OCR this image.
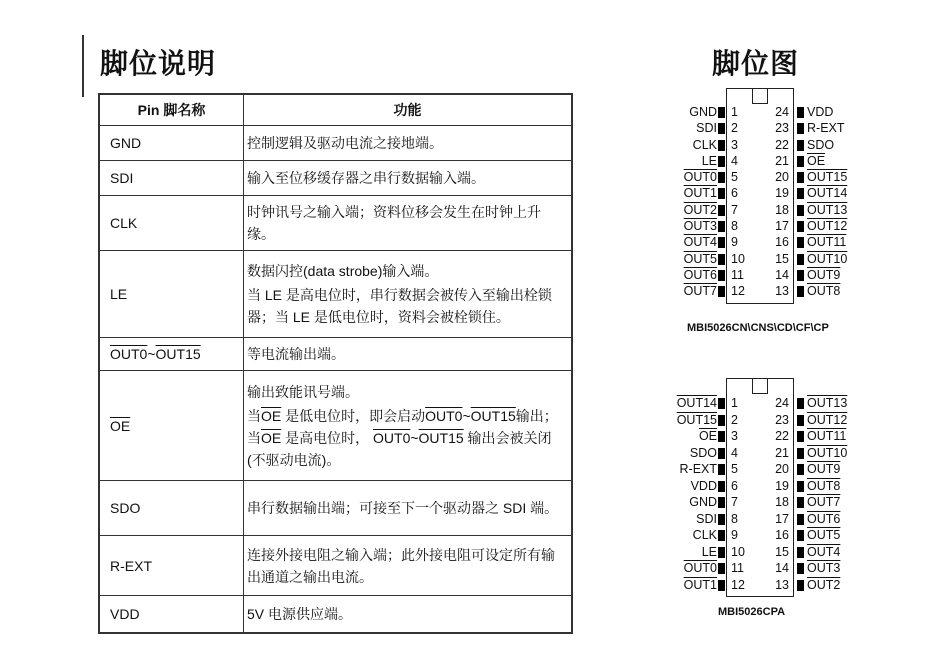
脚位说明	脚位图
Pin 脚名称	功能
GND	控制逻辑及驱动电流之接地端。

SDI	输入至位移缓存器之串行数据输入端。

CLK	时钟讯号之输入端；资料位移会发生在时钟上升缘。

LE	数据闪控(data strobe)输入端。
当 LE 是高电位时，串行数据会被传入至输出栓锁器；当 LE 是低电位时，资料会被栓锁住。

OUT0~OUT15	等电流输出端。

$\overline{OE}$	输出致能讯号端。
当$\overline{OE}$ 是低电位时，即会启动OUT0~OUT15输出；当$\overline{OE}$ 是高电位时， OUT0~OUT15 输出会被关闭(不驱动电流)。

SDO	串行数据输出端；可接至下一个驱动器之 SDI 端。

R-EXT	连接外接电阻之输入端；此外接电阻可设定所有输出通道之输出电流。

VDD	5V 电源供应端。
GND 1
SDI 2
CLK 3
LE 4
OUT0 5
OUT1 6
OUT2 7
OUT3 8
OUT4 9
OUT5 10
OUT6 11
OUT7 12
24 VDD
23 R-EXT
22 SDO
21 $\overline{OE}$
20 OUT15
19 OUT14
18 OUT13
17 OUT12
16 OUT11
15 OUT10
14 OUT9
13 OUT8
MBI5026CN\CNS\CD\CF\CP
OUT14 1
OUT15 2
$\overline{OE}$ 3
SDO 4
R-EXT 5
VDD 6
GND 7
SDI 8
CLK 9
LE 10
OUT0 11
OUT1 12
24 OUT13
23 OUT12
22 OUT11
21 OUT10
20 OUT9
19 OUT8
18 OUT7
17 OUT6
16 OUT5
15 OUT4
14 OUT3
13 OUT2
MBI5026CPA
